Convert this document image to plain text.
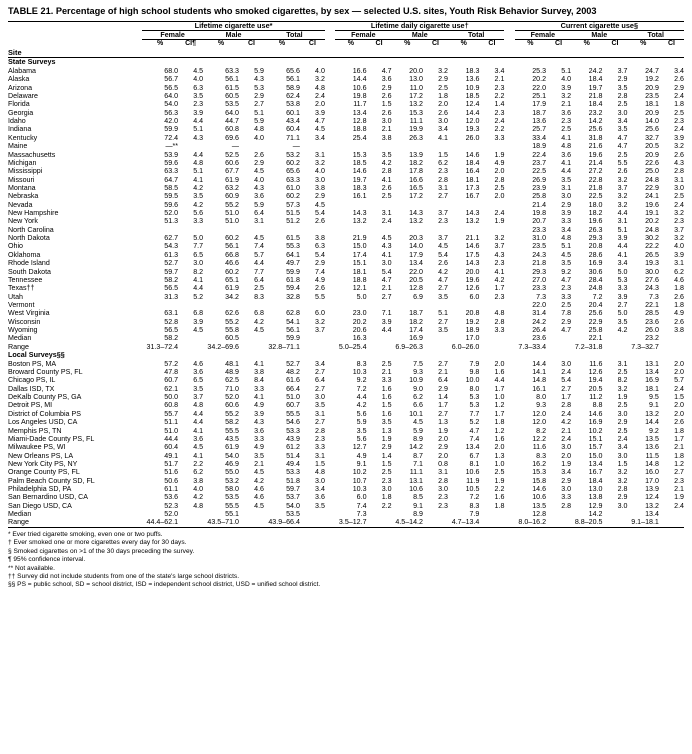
TABLE 21. Percentage of high school students who smoked cigarettes, by sex — selected U.S. sites, Youth Risk Behavior Survey, 2003
	Lifetime cigarette use*							Lifetime daily cigarette use†							Current cigarette use§					
	Female		Male		Total			Female		Male		Total			Female		Male		Total	
	%	CI¶	%	CI	%	CI		%	CI	%	CI	%	CI		%	CI	%	CI	%	CI
Site																				
State Surveys																				
Alabama	68.0	4.5	63.3	5.9	65.6	4.0		16.6	4.7	20.0	3.2	18.3	3.4		25.3	5.1	24.2	3.7	24.7	3.4
Alaska	56.7	4.0	56.1	4.3	56.1	3.2		14.4	3.6	13.0	2.9	13.6	2.1		20.2	4.0	18.4	2.9	19.2	2.6
Arizona	56.5	6.3	61.5	5.3	58.9	4.8		10.6	2.9	11.0	2.5	10.9	2.3		22.0	3.9	19.7	3.5	20.9	2.9
Delaware	64.0	3.5	60.5	2.9	62.4	2.4		19.8	2.6	17.2	1.8	18.5	2.2		25.1	3.2	21.8	2.8	23.5	2.4
Florida	54.0	2.3	53.5	2.7	53.8	2.0		11.7	1.5	13.2	2.0	12.4	1.4		17.9	2.1	18.4	2.5	18.1	1.8
Georgia	56.3	3.9	64.0	5.1	60.1	3.9		13.4	2.6	15.3	2.6	14.4	2.3		18.7	3.6	23.2	3.0	20.9	2.5
Idaho	42.0	4.4	44.7	5.9	43.4	4.7		12.8	3.0	11.1	3.0	12.0	2.4		13.6	2.3	14.2	3.4	14.0	2.3
Indiana	59.9	5.1	60.8	4.8	60.4	4.5		18.8	2.1	19.9	3.4	19.3	2.2		25.7	2.5	25.6	3.5	25.6	2.4
Kentucky	72.4	4.3	69.6	4.0	71.1	3.4		25.4	3.8	26.3	4.1	26.0	3.3		33.4	4.1	31.8	4.7	32.7	3.9
Maine	—**		—		—										18.9	4.8	21.6	4.7	20.5	3.2
Massachusetts	53.9	4.4	52.5	2.6	53.2	3.1		15.3	3.5	13.9	1.5	14.6	1.9		22.4	3.6	19.6	2.5	20.9	2.6
Michigan	59.6	4.8	60.6	2.9	60.2	3.2		18.5	4.2	18.2	6.2	18.4	4.9		23.7	4.1	21.4	5.5	22.6	4.3
Mississippi	63.3	5.1	67.7	4.5	65.6	4.0		14.6	2.8	17.8	2.3	16.4	2.0		22.5	4.4	27.2	2.6	25.0	2.8
Missouri	64.7	4.1	61.9	4.0	63.3	3.0		19.7	4.1	16.6	2.8	18.1	2.8		26.9	3.5	22.8	3.2	24.8	3.1
Montana	58.5	4.2	63.2	4.3	61.0	3.8		18.3	2.6	16.5	3.1	17.3	2.5		23.9	3.1	21.8	3.7	22.9	3.0
Nebraska	59.5	3.5	60.9	3.6	60.2	2.9		16.1	2.5	17.2	2.7	16.7	2.0		25.8	3.0	22.5	3.2	24.1	2.5
Nevada	59.6	4.2	55.2	5.9	57.3	4.5									21.4	2.9	18.0	3.2	19.6	2.4
New Hampshire	52.0	5.6	51.0	6.4	51.5	5.4		14.3	3.1	14.3	3.7	14.3	2.4		19.8	3.9	18.2	4.4	19.1	3.2
New York	51.3	3.3	51.0	3.1	51.2	2.6		13.2	2.4	13.2	2.3	13.2	1.9		20.7	3.3	19.6	3.1	20.2	2.3
North Carolina															23.3	3.4	26.3	5.1	24.8	3.7
North Dakota	62.7	5.0	60.2	4.5	61.5	3.8		21.9	4.5	20.3	3.7	21.1	3.2		31.0	4.8	29.3	3.9	30.2	3.2
Ohio	54.3	7.7	56.1	7.4	55.3	6.3		15.0	4.3	14.0	4.5	14.6	3.7		23.5	5.1	20.8	4.4	22.2	4.0
Oklahoma	61.3	6.5	66.8	5.7	64.1	5.4		17.4	4.1	17.9	5.4	17.5	4.3		24.3	4.5	28.6	4.1	26.5	3.9
Rhode Island	52.7	3.0	46.6	4.4	49.7	2.9		15.1	3.0	13.4	2.6	14.3	2.3		21.8	3.5	16.9	3.4	19.3	3.1
South Dakota	59.7	8.2	60.2	7.7	59.9	7.4		18.1	5.4	22.0	4.2	20.0	4.1		29.3	9.2	30.6	5.0	30.0	6.2
Tennessee	58.2	4.1	65.1	6.4	61.8	4.9		18.8	4.7	20.5	4.7	19.6	4.2		27.0	4.7	28.4	5.3	27.6	4.6
Texas††	56.5	4.4	61.9	2.5	59.4	2.6		12.1	2.1	12.8	2.7	12.6	1.7		23.3	2.3	24.8	3.3	24.3	1.8
Utah	31.3	5.2	34.2	8.3	32.8	5.5		5.0	2.7	6.9	3.5	6.0	2.3		7.3	3.3	7.2	3.9	7.3	2.6
Vermont															22.0	2.5	20.4	2.7	22.1	1.8
West Virginia	63.1	6.8	62.6	6.8	62.8	6.0		23.0	7.1	18.7	5.1	20.8	4.8		31.4	7.8	25.6	5.0	28.5	4.9
Wisconsin	52.8	3.9	55.2	4.2	54.1	3.2		20.2	3.9	18.2	2.7	19.2	2.8		24.2	2.9	22.9	3.5	23.6	2.6
Wyoming	56.5	4.5	55.8	4.5	56.1	3.7		20.6	4.4	17.4	3.5	18.9	3.3		26.4	4.7	25.8	4.2	26.0	3.8
Median	58.2		60.5		59.9			16.3		16.9		17.0			23.6		22.1		23.2	
Range	31.3–72.4		34.2–69.6		32.8–71.1			5.0–25.4		6.9–26.3		6.0–26.0			7.3–33.4		7.2–31.8		7.3–32.7	
Local Surveys§§																				
Boston PS, MA	57.2	4.6	48.1	4.1	52.7	3.4		8.3	2.5	7.5	2.7	7.9	2.0		14.4	3.0	11.6	3.1	13.1	2.0
Broward County PS, FL	47.8	3.6	48.9	3.8	48.2	2.7		10.3	2.1	9.3	2.1	9.8	1.6		14.1	2.4	12.6	2.5	13.4	2.0
Chicago PS, IL	60.7	6.5	62.5	8.4	61.6	6.4		9.2	3.3	10.9	6.4	10.0	4.4		14.8	5.4	19.4	8.2	16.9	5.7
Dallas ISD, TX	62.1	3.5	71.0	3.3	66.4	2.7		7.2	1.6	9.0	2.9	8.0	1.7		16.1	2.7	20.5	3.2	18.1	2.4
DeKalb County PS, GA	50.0	3.7	52.0	4.1	51.0	3.0		4.4	1.6	6.2	1.4	5.3	1.0		8.0	1.7	11.2	1.9	9.5	1.5
Detroit PS, MI	60.8	4.8	60.6	4.9	60.7	3.5		4.2	1.5	6.6	1.7	5.3	1.2		9.3	2.8	8.8	2.5	9.1	2.0
District of Columbia PS	55.7	4.4	55.2	3.9	55.5	3.1		5.6	1.6	10.1	2.7	7.7	1.7		12.0	2.4	14.6	3.0	13.2	2.0
Los Angeles USD, CA	51.1	4.4	58.2	4.3	54.6	2.7		5.9	3.5	4.5	1.3	5.2	1.8		12.0	4.2	16.9	2.9	14.4	2.6
Memphis PS, TN	51.0	4.1	55.5	3.6	53.3	2.8		3.5	1.3	5.9	1.9	4.7	1.2		8.2	2.1	10.2	2.5	9.2	1.8
Miami-Dade County PS, FL	44.4	3.6	43.5	3.3	43.9	2.3		5.6	1.9	8.9	2.0	7.4	1.6		12.2	2.4	15.1	2.4	13.5	1.7
Milwaukee PS, WI	60.4	4.5	61.9	4.9	61.2	3.3		12.7	2.9	14.2	2.9	13.4	2.0		11.6	3.0	15.7	3.4	13.6	2.1
New Orleans PS, LA	49.1	4.1	54.0	3.5	51.4	3.1		4.9	1.4	8.7	2.0	6.7	1.3		8.3	2.0	15.0	3.0	11.5	1.8
New York City PS, NY	51.7	2.2	46.9	2.1	49.4	1.5		9.1	1.5	7.1	0.8	8.1	1.0		16.2	1.9	13.4	1.5	14.8	1.2
Orange County PS, FL	51.6	6.2	55.0	4.5	53.3	4.8		10.2	2.5	11.1	3.1	10.6	2.5		15.3	3.4	16.7	3.2	16.0	2.7
Palm Beach County SD, FL	50.6	3.8	53.2	4.2	51.8	3.0		10.7	2.3	13.1	2.8	11.9	1.9		15.8	2.9	18.4	3.2	17.0	2.3
Philadelphia SD, PA	61.1	4.0	58.0	4.6	59.7	3.4		10.3	3.0	10.6	3.0	10.5	2.2		14.6	3.0	13.0	2.8	13.9	2.1
San Bernardino USD, CA	53.6	4.2	53.5	4.6	53.7	3.6		6.0	1.8	8.5	2.3	7.2	1.6		10.6	3.3	13.8	2.9	12.4	1.9
San Diego USD, CA	52.3	4.8	55.5	4.5	54.0	3.5		7.4	2.2	9.1	2.3	8.3	1.8		13.5	2.8	12.9	3.0	13.2	2.4
Median	52.0		55.1		53.5			7.3		8.9		7.9			12.8		14.2		13.4	
Range	44.4–62.1		43.5–71.0		43.9–66.4			3.5–12.7		4.5–14.2		4.7–13.4			8.0–16.2		8.8–20.5		9.1–18.1	
* Ever tried cigarette smoking, even one or two puffs.
† Ever smoked one or more cigarettes every day for 30 days.
§ Smoked cigarettes on >1 of the 30 days preceding the survey.
¶ 95% confidence interval.
** Not available.
†† Survey did not include students from one of the state's large school districts.
§§ PS = public school, SD = school district, ISD = independent school district, USD = unified school district.
